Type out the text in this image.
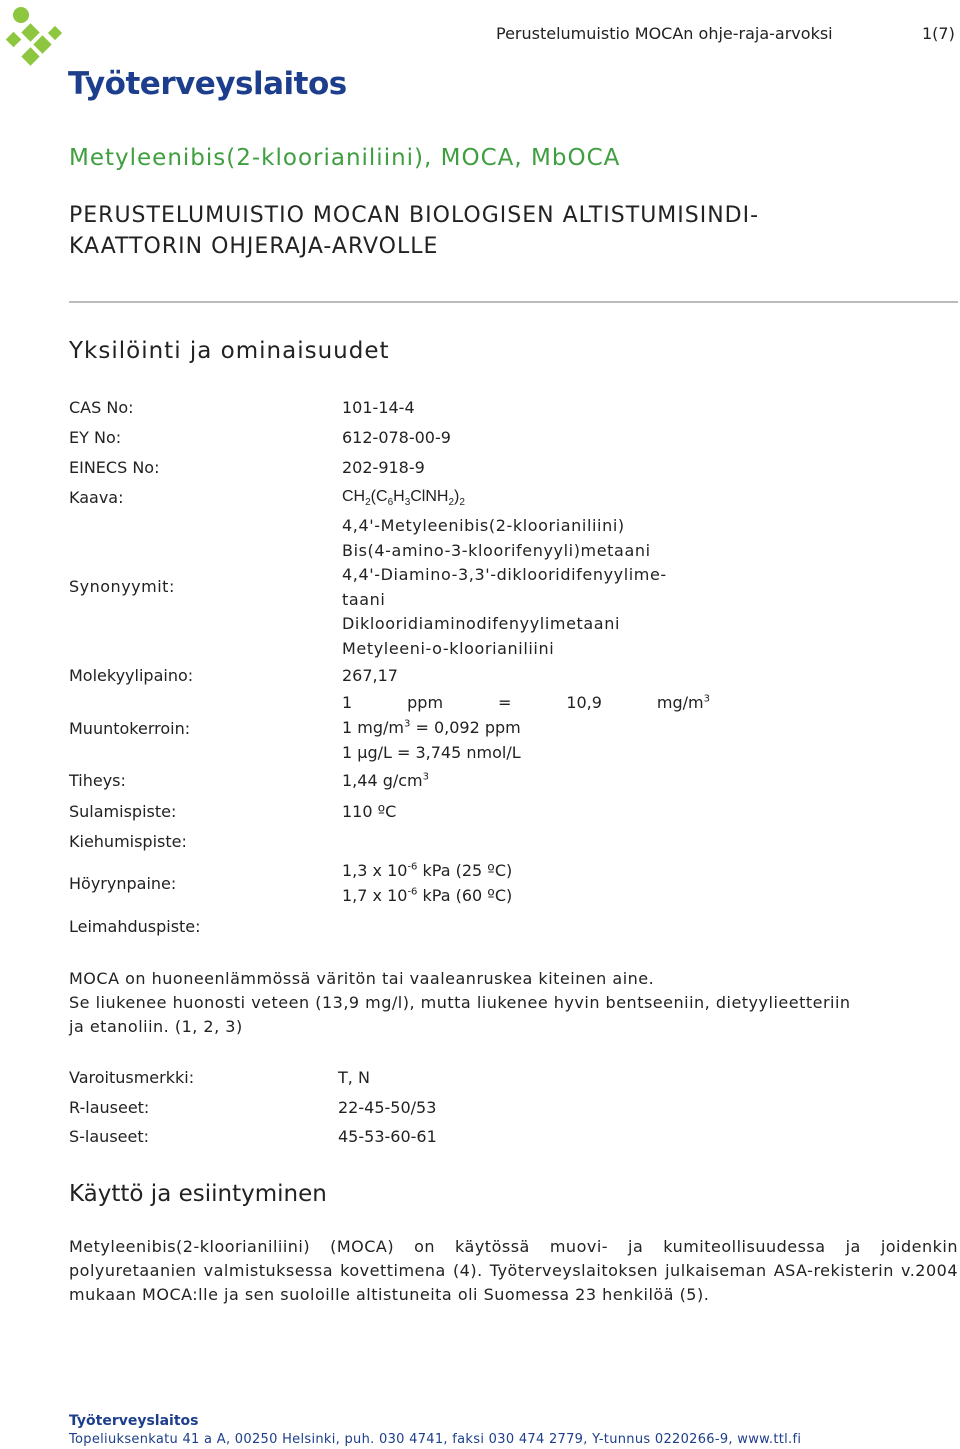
Työterveyslaitos
Perustelumuistio MOCAn ohje-raja-arvoksi	1(7)
Metyleenibis(2-kloorianiliini), MOCA, MbOCA
PERUSTELUMUISTIO MOCAN BIOLOGISEN ALTISTUMISINDI-
KAATTORIN OHJERAJA-ARVOLLE
Yksilöinti ja ominaisuudet
CAS No:	101-14-4
EY No:	612-078-00-9
EINECS No:	202-918-9
Kaava:	$CH_2(C_6H_3ClNH_2)_2$
Synonyymit:
4,4'-Metyleenibis(2-kloorianiliini)
Bis(4-amino-3-kloorifenyyli)metaani
4,4'-Diamino-3,3'-diklooridifenyylime-
taani
Diklooridiaminodifenyylimetaani
Metyleeni-o-kloorianiliini
Molekyylipaino:	267,17
Muuntokerroin:
1	ppm	=	10,9	$mg/m^3$
1 $mg/m^3 = 0,092$ ppm
1 µg/L = 3,745 nmol/L
Tiheys:	1,44 $g/cm^3$
Sulamispiste:	110 ºC
Kiehumispiste:
Höyrynpaine:
1,3 x $10^{-6}$ kPa (25 ºC)
1,7 x $10^{-6}$ kPa (60 ºC)
Leimahduspiste:
MOCA on huoneenlämmössä väritön tai vaaleanruskea kiteinen aine.
Se liukenee huonosti veteen (13,9 mg/l), mutta liukenee hyvin bentseeniin, dietyylieetteriin
ja etanoliin. (1, 2, 3)
Varoitusmerkki:	T, N
R-lauseet:	22-45-50/53
S-lauseet:	45-53-60-61
Käyttö ja esiintyminen
Metyleenibis(2-kloorianiliini) (MOCA) on käytössä muovi- ja kumiteollisuudessa ja joidenkin polyuretaanien valmistuksessa kovettimena (4). Työterveyslaitoksen julkaiseman ASA-rekisterin v.2004 mukaan MOCA:lle ja sen suoloille altistuneita oli Suomessa 23 henkilöä (5).
Työterveyslaitos
Topeliuksenkatu 41 a A, 00250 Helsinki, puh. 030 4741, faksi 030 474 2779, Y-tunnus 0220266-9, www.ttl.fi
